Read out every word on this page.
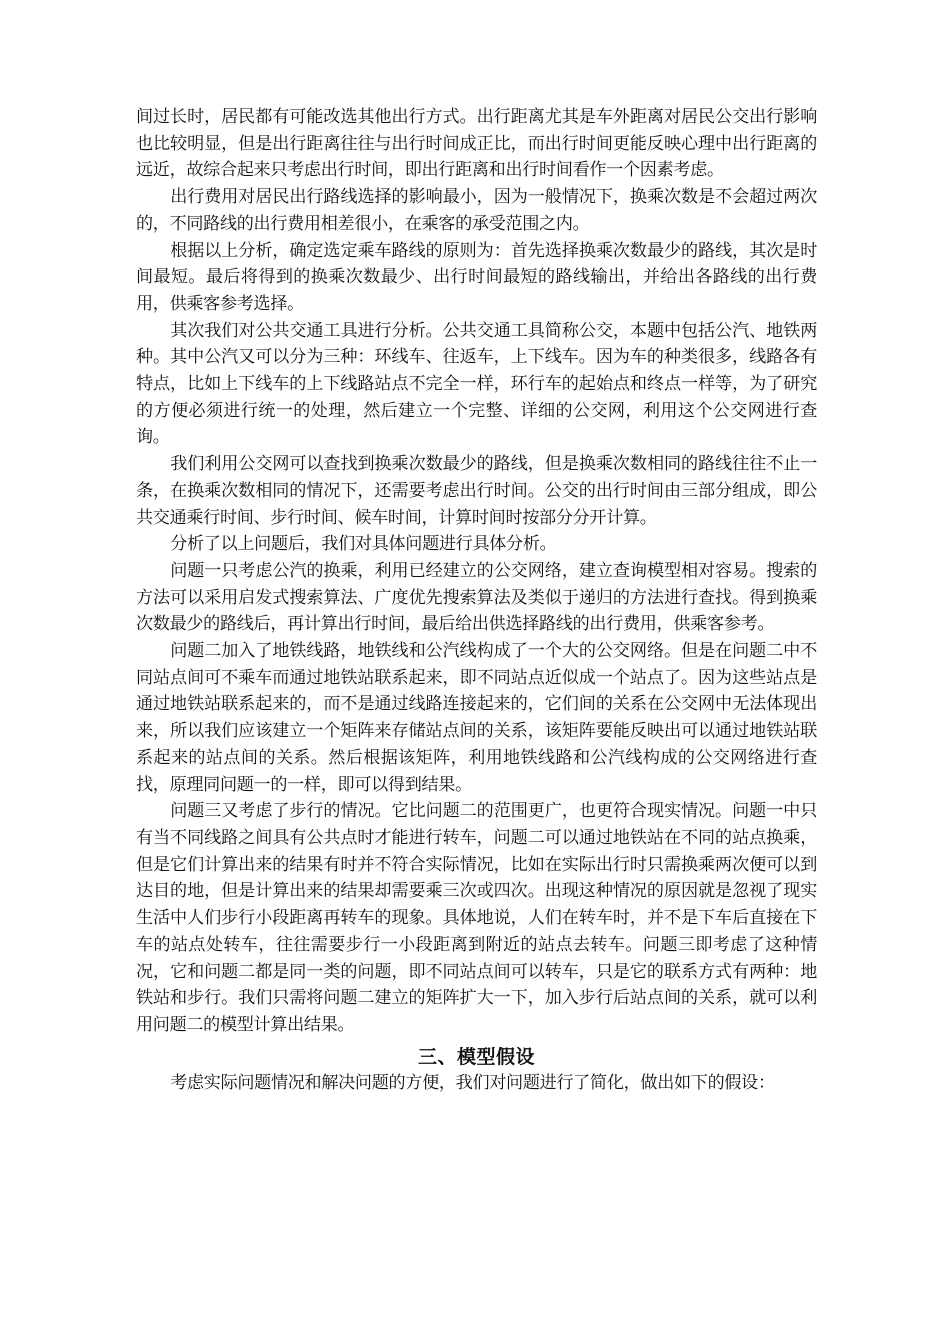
间过长时，居民都有可能改选其他出行方式。出行距离尤其是车外距离对居民公交出行影响也比较明显，但是出行距离往往与出行时间成正比，而出行时间更能反映心理中出行距离的远近，故综合起来只考虑出行时间，即出行距离和出行时间看作一个因素考虑。

出行费用对居民出行路线选择的影响最小，因为一般情况下，换乘次数是不会超过两次的，不同路线的出行费用相差很小，在乘客的承受范围之内。

根据以上分析，确定选定乘车路线的原则为：首先选择换乘次数最少的路线，其次是时间最短。最后将得到的换乘次数最少、出行时间最短的路线输出，并给出各路线的出行费用，供乘客参考选择。

其次我们对公共交通工具进行分析。公共交通工具简称公交，本题中包括公汽、地铁两种。其中公汽又可以分为三种：环线车、往返车，上下线车。因为车的种类很多，线路各有特点，比如上下线车的上下线路站点不完全一样，环行车的起始点和终点一样等，为了研究的方便必须进行统一的处理，然后建立一个完整、详细的公交网，利用这个公交网进行查询。

我们利用公交网可以查找到换乘次数最少的路线，但是换乘次数相同的路线往往不止一条，在换乘次数相同的情况下，还需要考虑出行时间。公交的出行时间由三部分组成，即公共交通乘行时间、步行时间、候车时间，计算时间时按部分分开计算。

分析了以上问题后，我们对具体问题进行具体分析。

问题一只考虑公汽的换乘，利用已经建立的公交网络，建立查询模型相对容易。搜索的方法可以采用启发式搜索算法、广度优先搜索算法及类似于递归的方法进行查找。得到换乘次数最少的路线后，再计算出行时间，最后给出供选择路线的出行费用，供乘客参考。

问题二加入了地铁线路，地铁线和公汽线构成了一个大的公交网络。但是在问题二中不同站点间可不乘车而通过地铁站联系起来，即不同站点近似成一个站点了。因为这些站点是通过地铁站联系起来的，而不是通过线路连接起来的，它们间的关系在公交网中无法体现出来，所以我们应该建立一个矩阵来存储站点间的关系，该矩阵要能反映出可以通过地铁站联系起来的站点间的关系。然后根据该矩阵，利用地铁线路和公汽线构成的公交网络进行查找，原理同问题一的一样，即可以得到结果。

问题三又考虑了步行的情况。它比问题二的范围更广，也更符合现实情况。问题一中只有当不同线路之间具有公共点时才能进行转车，问题二可以通过地铁站在不同的站点换乘，但是它们计算出来的结果有时并不符合实际情况，比如在实际出行时只需换乘两次便可以到达目的地，但是计算出来的结果却需要乘三次或四次。出现这种情况的原因就是忽视了现实生活中人们步行小段距离再转车的现象。具体地说，人们在转车时，并不是下车后直接在下车的站点处转车，往往需要步行一小段距离到附近的站点去转车。问题三即考虑了这种情况，它和问题二都是同一类的问题，即不同站点间可以转车，只是它的联系方式有两种：地铁站和步行。我们只需将问题二建立的矩阵扩大一下，加入步行后站点间的关系，就可以利用问题二的模型计算出结果。

三、模型假设

考虑实际问题情况和解决问题的方便，我们对问题进行了简化，做出如下的假设：
